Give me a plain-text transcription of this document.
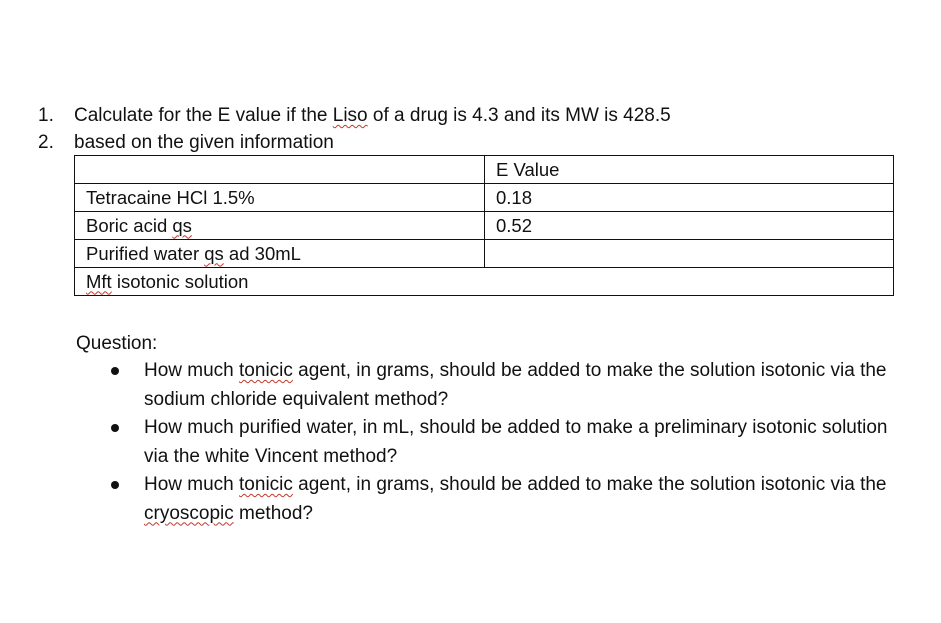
1.	Calculate for the E value if the Liso of a drug is 4.3 and its MW is 428.5
2.	based on the given information
	E Value
Tetracaine HCl 1.5%	0.18
Boric acid qs	0.52
Purified water qs ad 30mL	
Mft isotonic solution	
Question:
How much tonicic agent, in grams, should be added to make the solution isotonic via the sodium chloride equivalent method?
How much purified water, in mL, should be added to make a preliminary isotonic solution via the white Vincent method?
How much tonicic agent, in grams, should be added to make the solution isotonic via the cryoscopic method?
